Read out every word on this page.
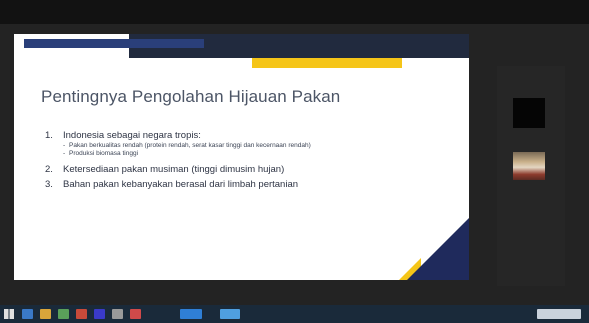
Pentingnya Pengolahan Hijauan Pakan
1. Indonesia sebagai negara tropis:
- Pakan berkualitas rendah (protein rendah, serat kasar tinggi dan kecernaan rendah)
- Produksi biomasa tinggi
2. Ketersediaan pakan musiman (tinggi dimusim hujan)
3. Bahan pakan kebanyakan berasal dari limbah pertanian
